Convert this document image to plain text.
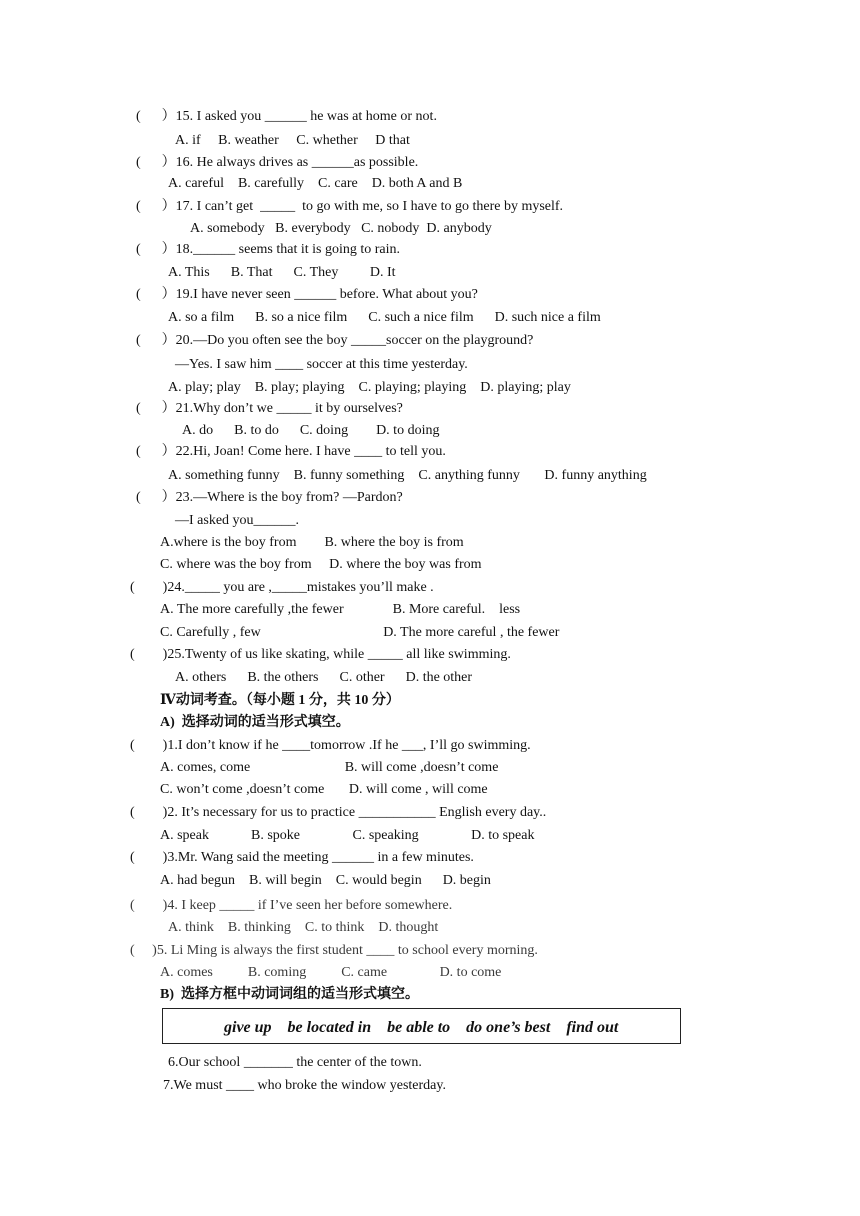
(      ）15. I asked you ______ he was at home or not.
A. if     B. weather     C. whether     D that
(      ）16. He always drives as ______as possible.
A. careful    B. carefully    C. care    D. both A and B
(      ）17. I can’t get  _____  to go with me, so I have to go there by myself.
A. somebody   B. everybody   C. nobody  D. anybody
(      ）18.______ seems that it is going to rain.
A. This      B. That      C. They         D. It
(      ）19.I have never seen ______ before. What about you?
A. so a film      B. so a nice film      C. such a nice film      D. such nice a film
(      ）20.—Do you often see the boy _____soccer on the playground?
—Yes. I saw him ____ soccer at this time yesterday.
A. play; play    B. play; playing    C. playing; playing    D. playing; play
(      ）21.Why don’t we _____ it by ourselves?
A. do      B. to do      C. doing        D. to doing
(      ）22.Hi, Joan! Come here. I have ____ to tell you.
A. something funny    B. funny something    C. anything funny       D. funny anything
(      ）23.—Where is the boy from? —Pardon?
—I asked you______.
A.where is the boy from        B. where the boy is from
C. where was the boy from     D. where the boy was from
(        )24._____ you are ,_____mistakes you’ll make .
A. The more carefully ,the fewer              B. More careful.    less
C. Carefully , few                                   D. The more careful , the fewer
(        )25.Twenty of us like skating, while _____ all like swimming.
A. others      B. the others      C. other      D. the other
Ⅳ动词考查。（每小题 1 分，共 10 分）
A)  选择动词的适当形式填空。
(        )1.I don’t know if he ____tomorrow .If he ___, I’ll go swimming.
A. comes, come                           B. will come ,doesn’t come
C. won’t come ,doesn’t come       D. will come , will come
(        )2. It’s necessary for us to practice ___________ English every day..
A. speak            B. spoke               C. speaking               D. to speak
(        )3.Mr. Wang said the meeting ______ in a few minutes.
A. had begun    B. will begin    C. would begin      D. begin
(        )4. I keep _____ if I’ve seen her before somewhere.
A. think    B. thinking    C. to think    D. thought
(     )5. Li Ming is always the first student ____ to school every morning.
A. comes          B. coming          C. came               D. to come
B)  选择方框中动词词组的适当形式填空。
give up    be located in    be able to    do one’s best    find out
6.Our school _______ the center of the town.
7.We must ____ who broke the window yesterday.
